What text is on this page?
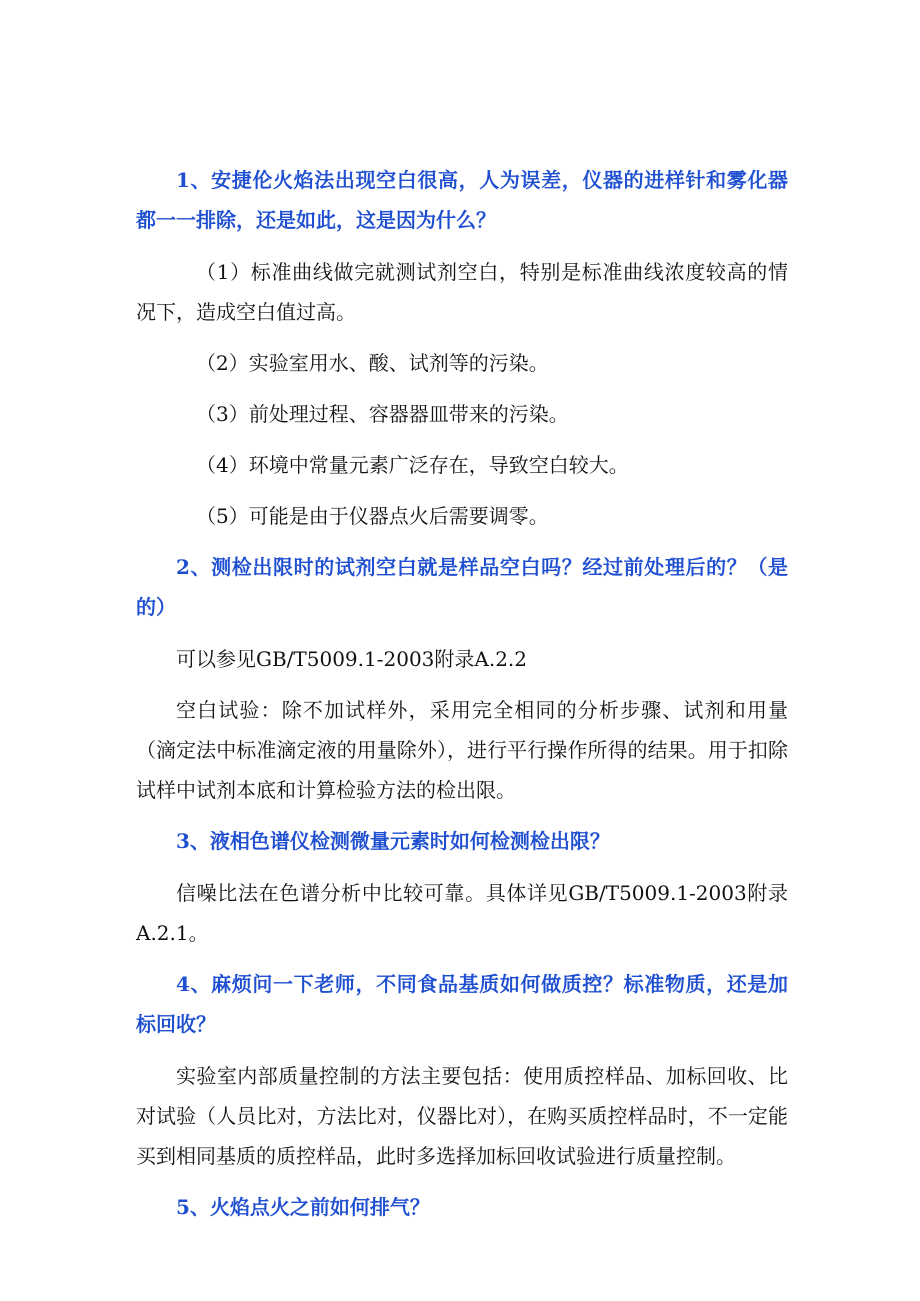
1、安捷伦火焰法出现空白很高，人为误差，仪器的进样针和雾化器都一一排除，还是如此，这是因为什么？

（1）标准曲线做完就测试剂空白，特别是标准曲线浓度较高的情况下，造成空白值过高。

（2）实验室用水、酸、试剂等的污染。

（3）前处理过程、容器器皿带来的污染。

（4）环境中常量元素广泛存在，导致空白较大。

（5）可能是由于仪器点火后需要调零。

2、测检出限时的试剂空白就是样品空白吗？经过前处理后的？（是的）

可以参见GB/T5009.1-2003附录A.2.2

空白试验：除不加试样外，采用完全相同的分析步骤、试剂和用量（滴定法中标准滴定液的用量除外），进行平行操作所得的结果。用于扣除试样中试剂本底和计算检验方法的检出限。

3、液相色谱仪检测微量元素时如何检测检出限？

信噪比法在色谱分析中比较可靠。具体详见GB/T5009.1-2003附录A.2.1。

4、麻烦问一下老师，不同食品基质如何做质控？标准物质，还是加标回收？

实验室内部质量控制的方法主要包括：使用质控样品、加标回收、比对试验（人员比对，方法比对，仪器比对），在购买质控样品时，不一定能买到相同基质的质控样品，此时多选择加标回收试验进行质量控制。

5、火焰点火之前如何排气？
